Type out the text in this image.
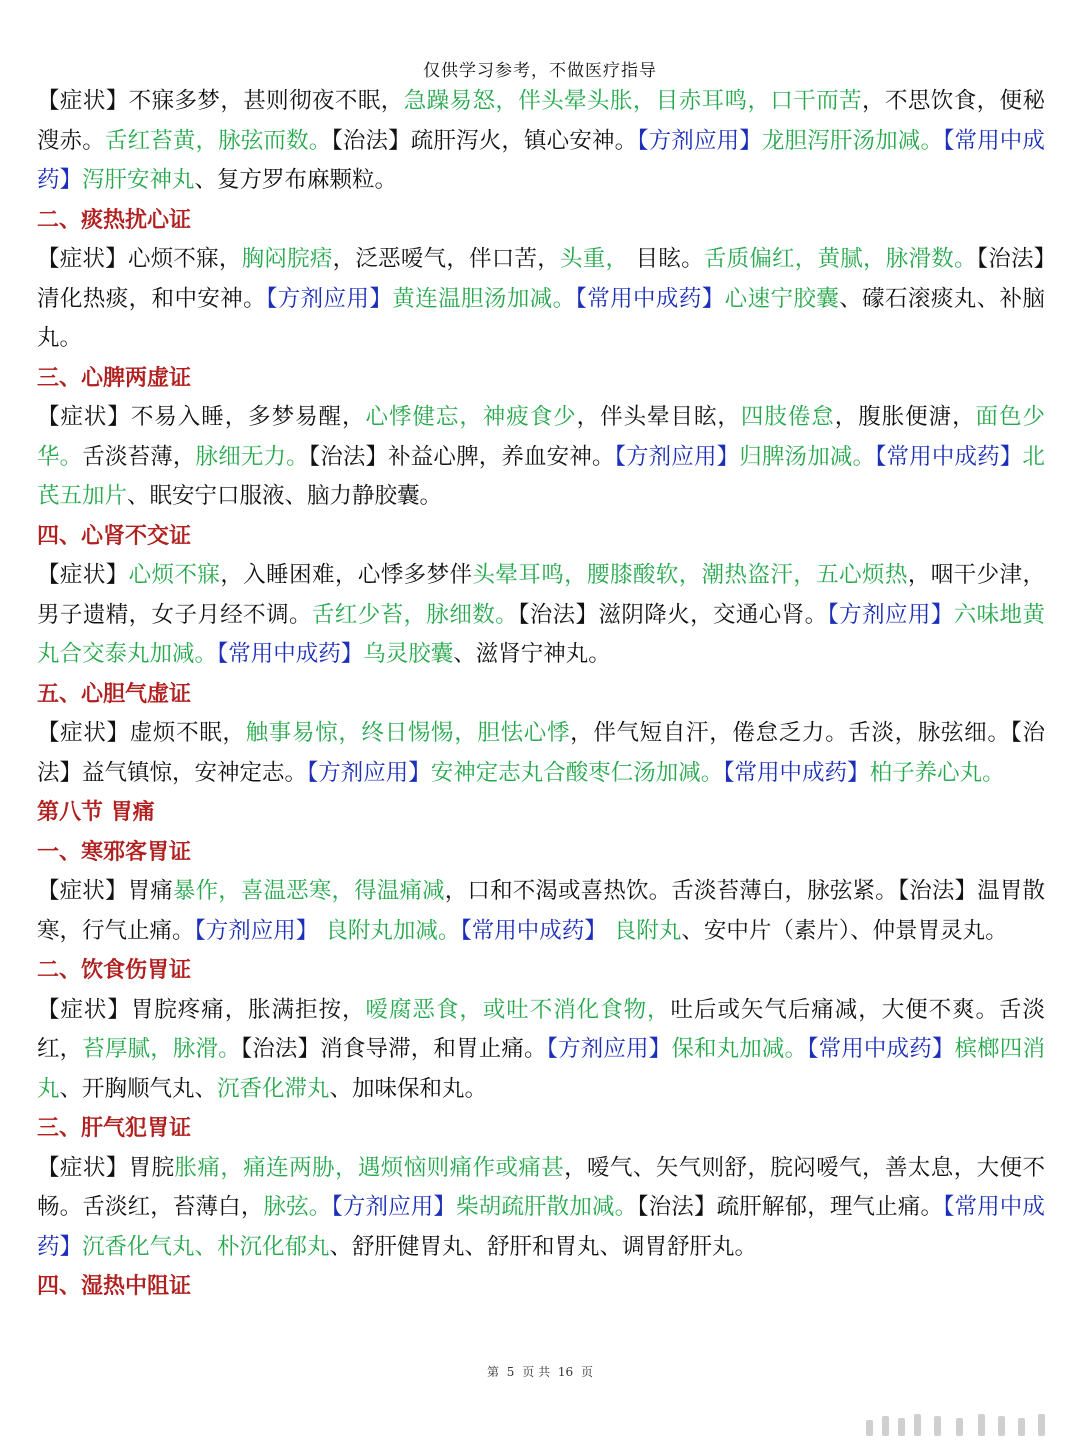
仅供学习参考，不做医疗指导
【症状】不寐多梦，甚则彻夜不眠，急躁易怒，伴头晕头胀，目赤耳鸣，口干而苦，不思饮食，便秘溲赤。舌红苔黄，脉弦而数。【治法】疏肝泻火，镇心安神。【方剂应用】龙胆泻肝汤加减。【常用中成药】泻肝安神丸、复方罗布麻颗粒。
二、痰热扰心证
【症状】心烦不寐，胸闷脘痞，泛恶嗳气，伴口苦，头重， 目眩。舌质偏红，黄腻，脉滑数。【治法】清化热痰，和中安神。【方剂应用】黄连温胆汤加减。【常用中成药】心速宁胶囊、礞石滚痰丸、补脑丸。
三、心脾两虚证
【症状】不易入睡，多梦易醒，心悸健忘，神疲食少，伴头晕目眩，四肢倦怠，腹胀便溏，面色少华。舌淡苔薄，脉细无力。【治法】补益心脾，养血安神。【方剂应用】归脾汤加减。【常用中成药】北芪五加片、眠安宁口服液、脑力静胶囊。
四、心肾不交证
【症状】心烦不寐，入睡困难，心悸多梦伴头晕耳鸣，腰膝酸软，潮热盗汗，五心烦热，咽干少津，男子遗精，女子月经不调。舌红少苔，脉细数。【治法】滋阴降火，交通心肾。【方剂应用】六味地黄丸合交泰丸加减。【常用中成药】乌灵胶囊、滋肾宁神丸。
五、心胆气虚证
【症状】虚烦不眠，触事易惊，终日惕惕，胆怯心悸，伴气短自汗，倦怠乏力。舌淡，脉弦细。【治法】益气镇惊，安神定志。【方剂应用】安神定志丸合酸枣仁汤加减。【常用中成药】柏子养心丸。
第八节 胃痛
一、寒邪客胃证
【症状】胃痛暴作，喜温恶寒，得温痛减，口和不渴或喜热饮。舌淡苔薄白，脉弦紧。【治法】温胃散寒，行气止痛。【方剂应用】 良附丸加减。【常用中成药】 良附丸、安中片（素片）、仲景胃灵丸。
二、饮食伤胃证
【症状】胃脘疼痛，胀满拒按，嗳腐恶食，或吐不消化食物，吐后或矢气后痛减，大便不爽。舌淡红，苔厚腻，脉滑。【治法】消食导滞，和胃止痛。【方剂应用】保和丸加减。【常用中成药】槟榔四消丸、开胸顺气丸、沉香化滞丸、加味保和丸。
三、肝气犯胃证
【症状】胃脘胀痛，痛连两胁，遇烦恼则痛作或痛甚，嗳气、矢气则舒，脘闷嗳气，善太息，大便不畅。舌淡红，苔薄白，脉弦。【方剂应用】柴胡疏肝散加减。【治法】疏肝解郁，理气止痛。【常用中成药】沉香化气丸、朴沉化郁丸、舒肝健胃丸、舒肝和胃丸、调胃舒肝丸。
四、湿热中阻证
第 5 页 共 16 页
